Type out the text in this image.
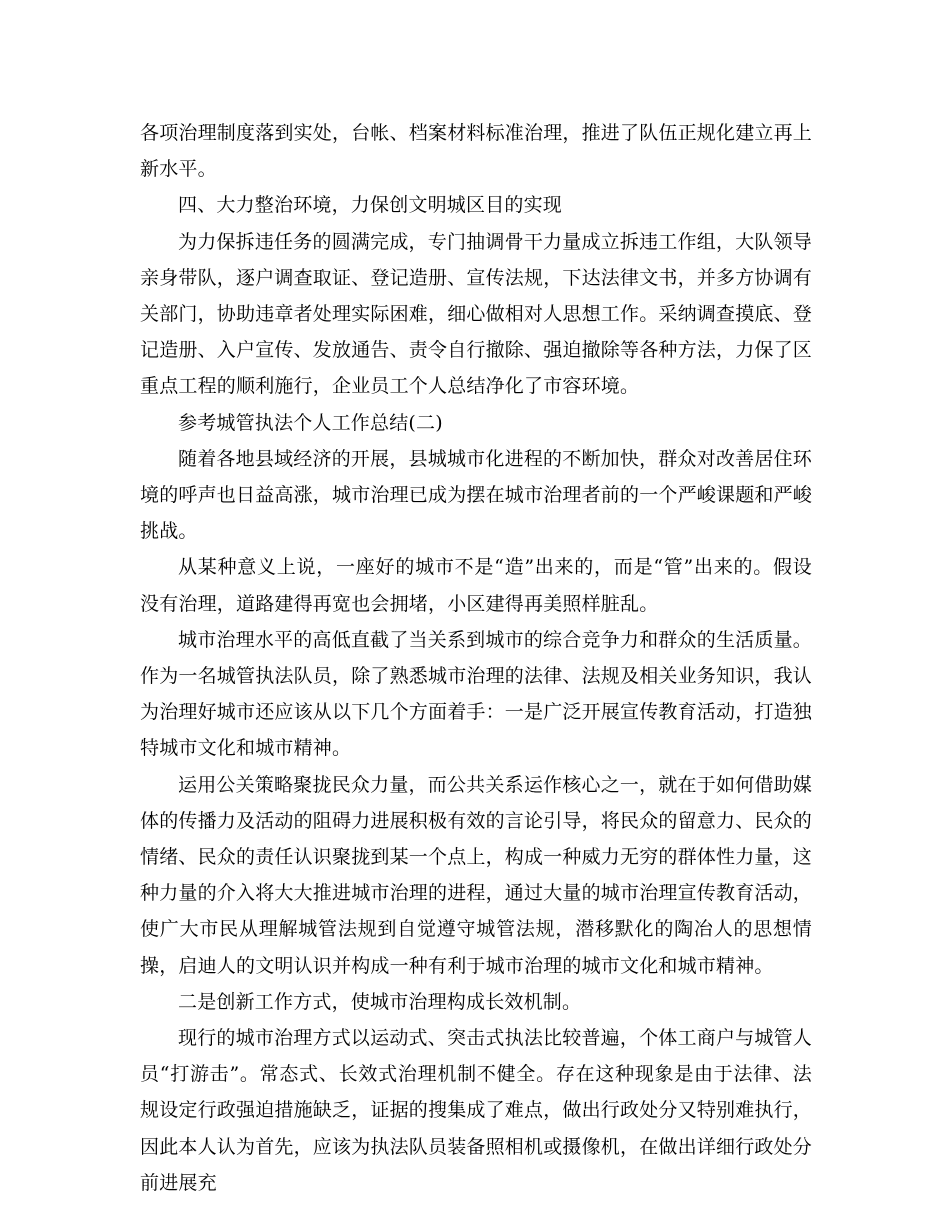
各项治理制度落到实处，台帐、档案材料标准治理，推进了队伍正规化建立再上新水平。

四、大力整治环境，力保创文明城区目的实现

为力保拆违任务的圆满完成，专门抽调骨干力量成立拆违工作组，大队领导亲身带队，逐户调查取证、登记造册、宣传法规，下达法律文书，并多方协调有关部门，协助违章者处理实际困难，细心做相对人思想工作。采纳调查摸底、登记造册、入户宣传、发放通告、责令自行撤除、强迫撤除等各种方法，力保了区重点工程的顺利施行，企业员工个人总结净化了市容环境。

参考城管执法个人工作总结(二)

随着各地县域经济的开展，县城城市化进程的不断加快，群众对改善居住环境的呼声也日益高涨，城市治理已成为摆在城市治理者前的一个严峻课题和严峻挑战。

从某种意义上说，一座好的城市不是“造”出来的，而是“管”出来的。假设没有治理，道路建得再宽也会拥堵，小区建得再美照样脏乱。

城市治理水平的高低直截了当关系到城市的综合竞争力和群众的生活质量。作为一名城管执法队员，除了熟悉城市治理的法律、法规及相关业务知识，我认为治理好城市还应该从以下几个方面着手：一是广泛开展宣传教育活动，打造独特城市文化和城市精神。

运用公关策略聚拢民众力量，而公共关系运作核心之一，就在于如何借助媒体的传播力及活动的阻碍力进展积极有效的言论引导，将民众的留意力、民众的情绪、民众的责任认识聚拢到某一个点上，构成一种威力无穷的群体性力量，这种力量的介入将大大推进城市治理的进程，通过大量的城市治理宣传教育活动，使广大市民从理解城管法规到自觉遵守城管法规，潜移默化的陶冶人的思想情操，启迪人的文明认识并构成一种有利于城市治理的城市文化和城市精神。

二是创新工作方式，使城市治理构成长效机制。

现行的城市治理方式以运动式、突击式执法比较普遍，个体工商户与城管人员“打游击”。常态式、长效式治理机制不健全。存在这种现象是由于法律、法规设定行政强迫措施缺乏，证据的搜集成了难点，做出行政处分又特别难执行，因此本人认为首先，应该为执法队员装备照相机或摄像机，在做出详细行政处分前进展充
